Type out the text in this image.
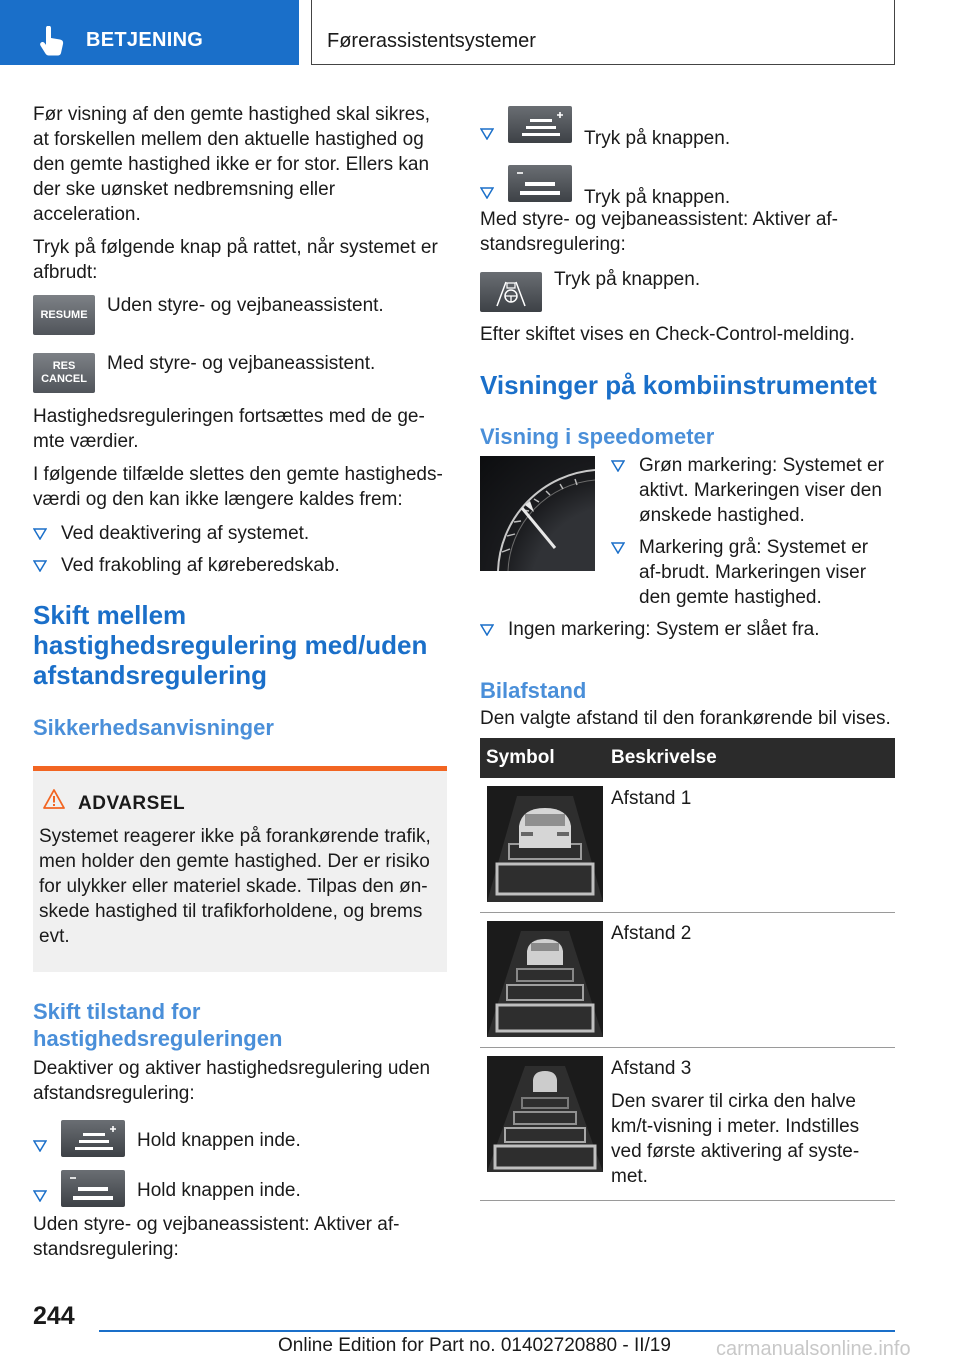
BETJENING	Førerassistentsystemer

Før visning af den gemte hastighed skal sikres, at forskellen mellem den aktuelle hastighed og den gemte hastighed ikke er for stor. Ellers kan der ske uønsket nedbremsning eller acceleration.

Tryk på følgende knap på rattet, når systemet er afbrudt:

RESUME Uden styre- og vejbaneassistent.
RES
CANCEL
Med styre- og vejbaneassistent.

Hastighedsreguleringen fortsættes med de ge-mte værdier.

I følgende tilfælde slettes den gemte hastigheds-værdi og den kan ikke længere kaldes frem:

Ved deaktivering af systemet.
Ved frakobling af køreberedskab.
Skift mellem hastighedsregulering med/uden afstandsregulering
Sikkerhedsanvisninger
ADVARSEL
Systemet reagerer ikke på forankørende trafik, men holder den gemte hastighed. Der er risiko for ulykker eller materiel skade. Tilpas den øn-skede hastighed til trafikforholdene, og brems evt.
Skift tilstand for hastighedsreguleringen

Deaktiver og aktiver hastighedsregulering uden afstandsregulering:

Hold knappen inde.
Hold knappen inde.

Uden styre- og vejbaneassistent: Aktiver af-standsregulering:

Tryk på knappen.
Tryk på knappen.

Med styre- og vejbaneassistent: Aktiver af-standsregulering:

Tryk på knappen.

Efter skiftet vises en Check-Control-melding.

Visninger på kombiinstrumentet
Visning i speedometer
Grøn markering: Systemet er aktivt. Markeringen viser den ønskede hastighed.
Markering grå: Systemet er af-brudt. Markeringen viser den gemte hastighed.
Ingen markering: System er slået fra.
Bilafstand

Den valgte afstand til den forankørende bil vises.

Symbol	Beskrivelse

	Afstand 1

	Afstand 2

	Afstand 3

Den svarer til cirka den halve km/t-visning i meter. Indstilles ved første aktivering af syste-met.

244
Online Edition for Part no. 01402720880 - II/19 carmanualsonline.info
